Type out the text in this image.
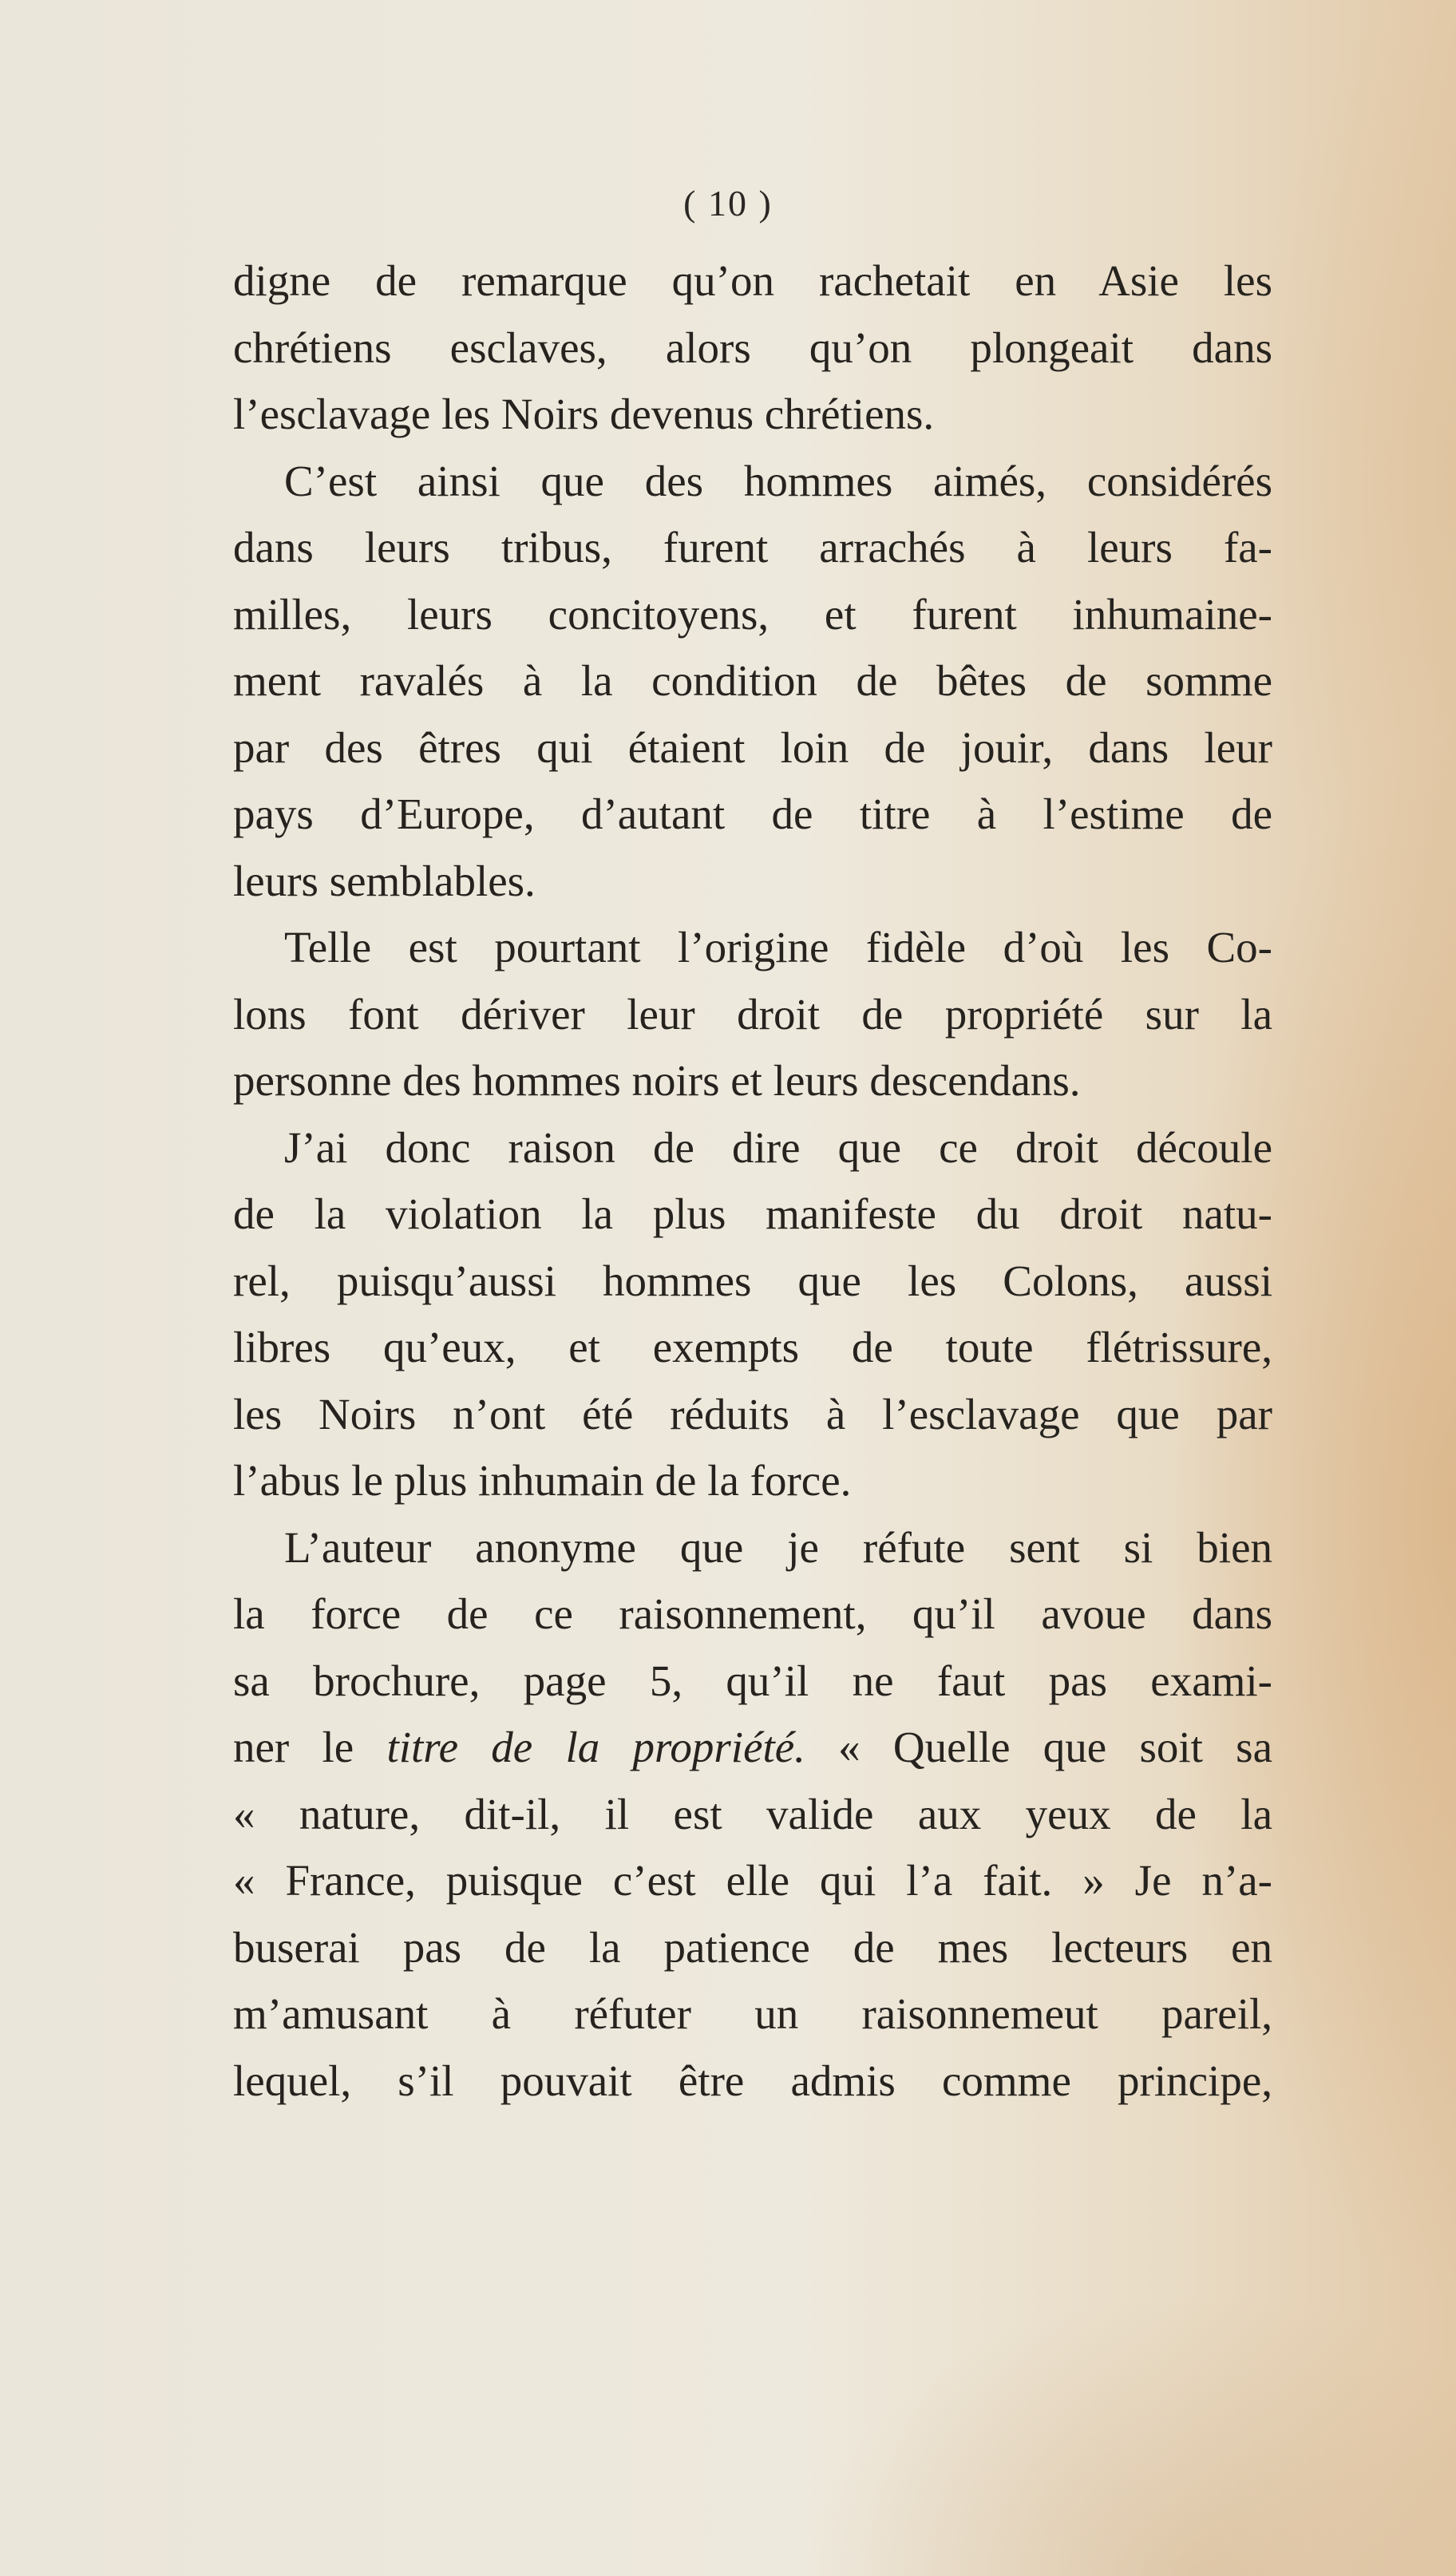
( 10 )
digne de remarque qu’on rachetait en Asie les
chrétiens esclaves, alors qu’on plongeait dans
l’esclavage les Noirs devenus chrétiens.
C’est ainsi que des hommes aimés, considérés
dans leurs tribus, furent arrachés à leurs fa-
milles, leurs concitoyens, et furent inhumaine-
ment ravalés à la condition de bêtes de somme
par des êtres qui étaient loin de jouir, dans leur
pays d’Europe, d’autant de titre à l’estime de
leurs semblables.
Telle est pourtant l’origine fidèle d’où les Co-
lons font dériver leur droit de propriété sur la
personne des hommes noirs et leurs descendans.
J’ai donc raison de dire que ce droit découle
de la violation la plus manifeste du droit natu-
rel, puisqu’aussi hommes que les Colons, aussi
libres qu’eux, et exempts de toute flétrissure,
les Noirs n’ont été réduits à l’esclavage que par
l’abus le plus inhumain de la force.
L’auteur anonyme que je réfute sent si bien
la force de ce raisonnement, qu’il avoue dans
sa brochure, page 5, qu’il ne faut pas exami-
ner le titre de la propriété. « Quelle que soit sa
« nature, dit-il, il est valide aux yeux de la
« France, puisque c’est elle qui l’a fait. » Je n’a-
buserai pas de la patience de mes lecteurs en
m’amusant à réfuter un raisonnemeut pareil,
lequel, s’il pouvait être admis comme principe,
